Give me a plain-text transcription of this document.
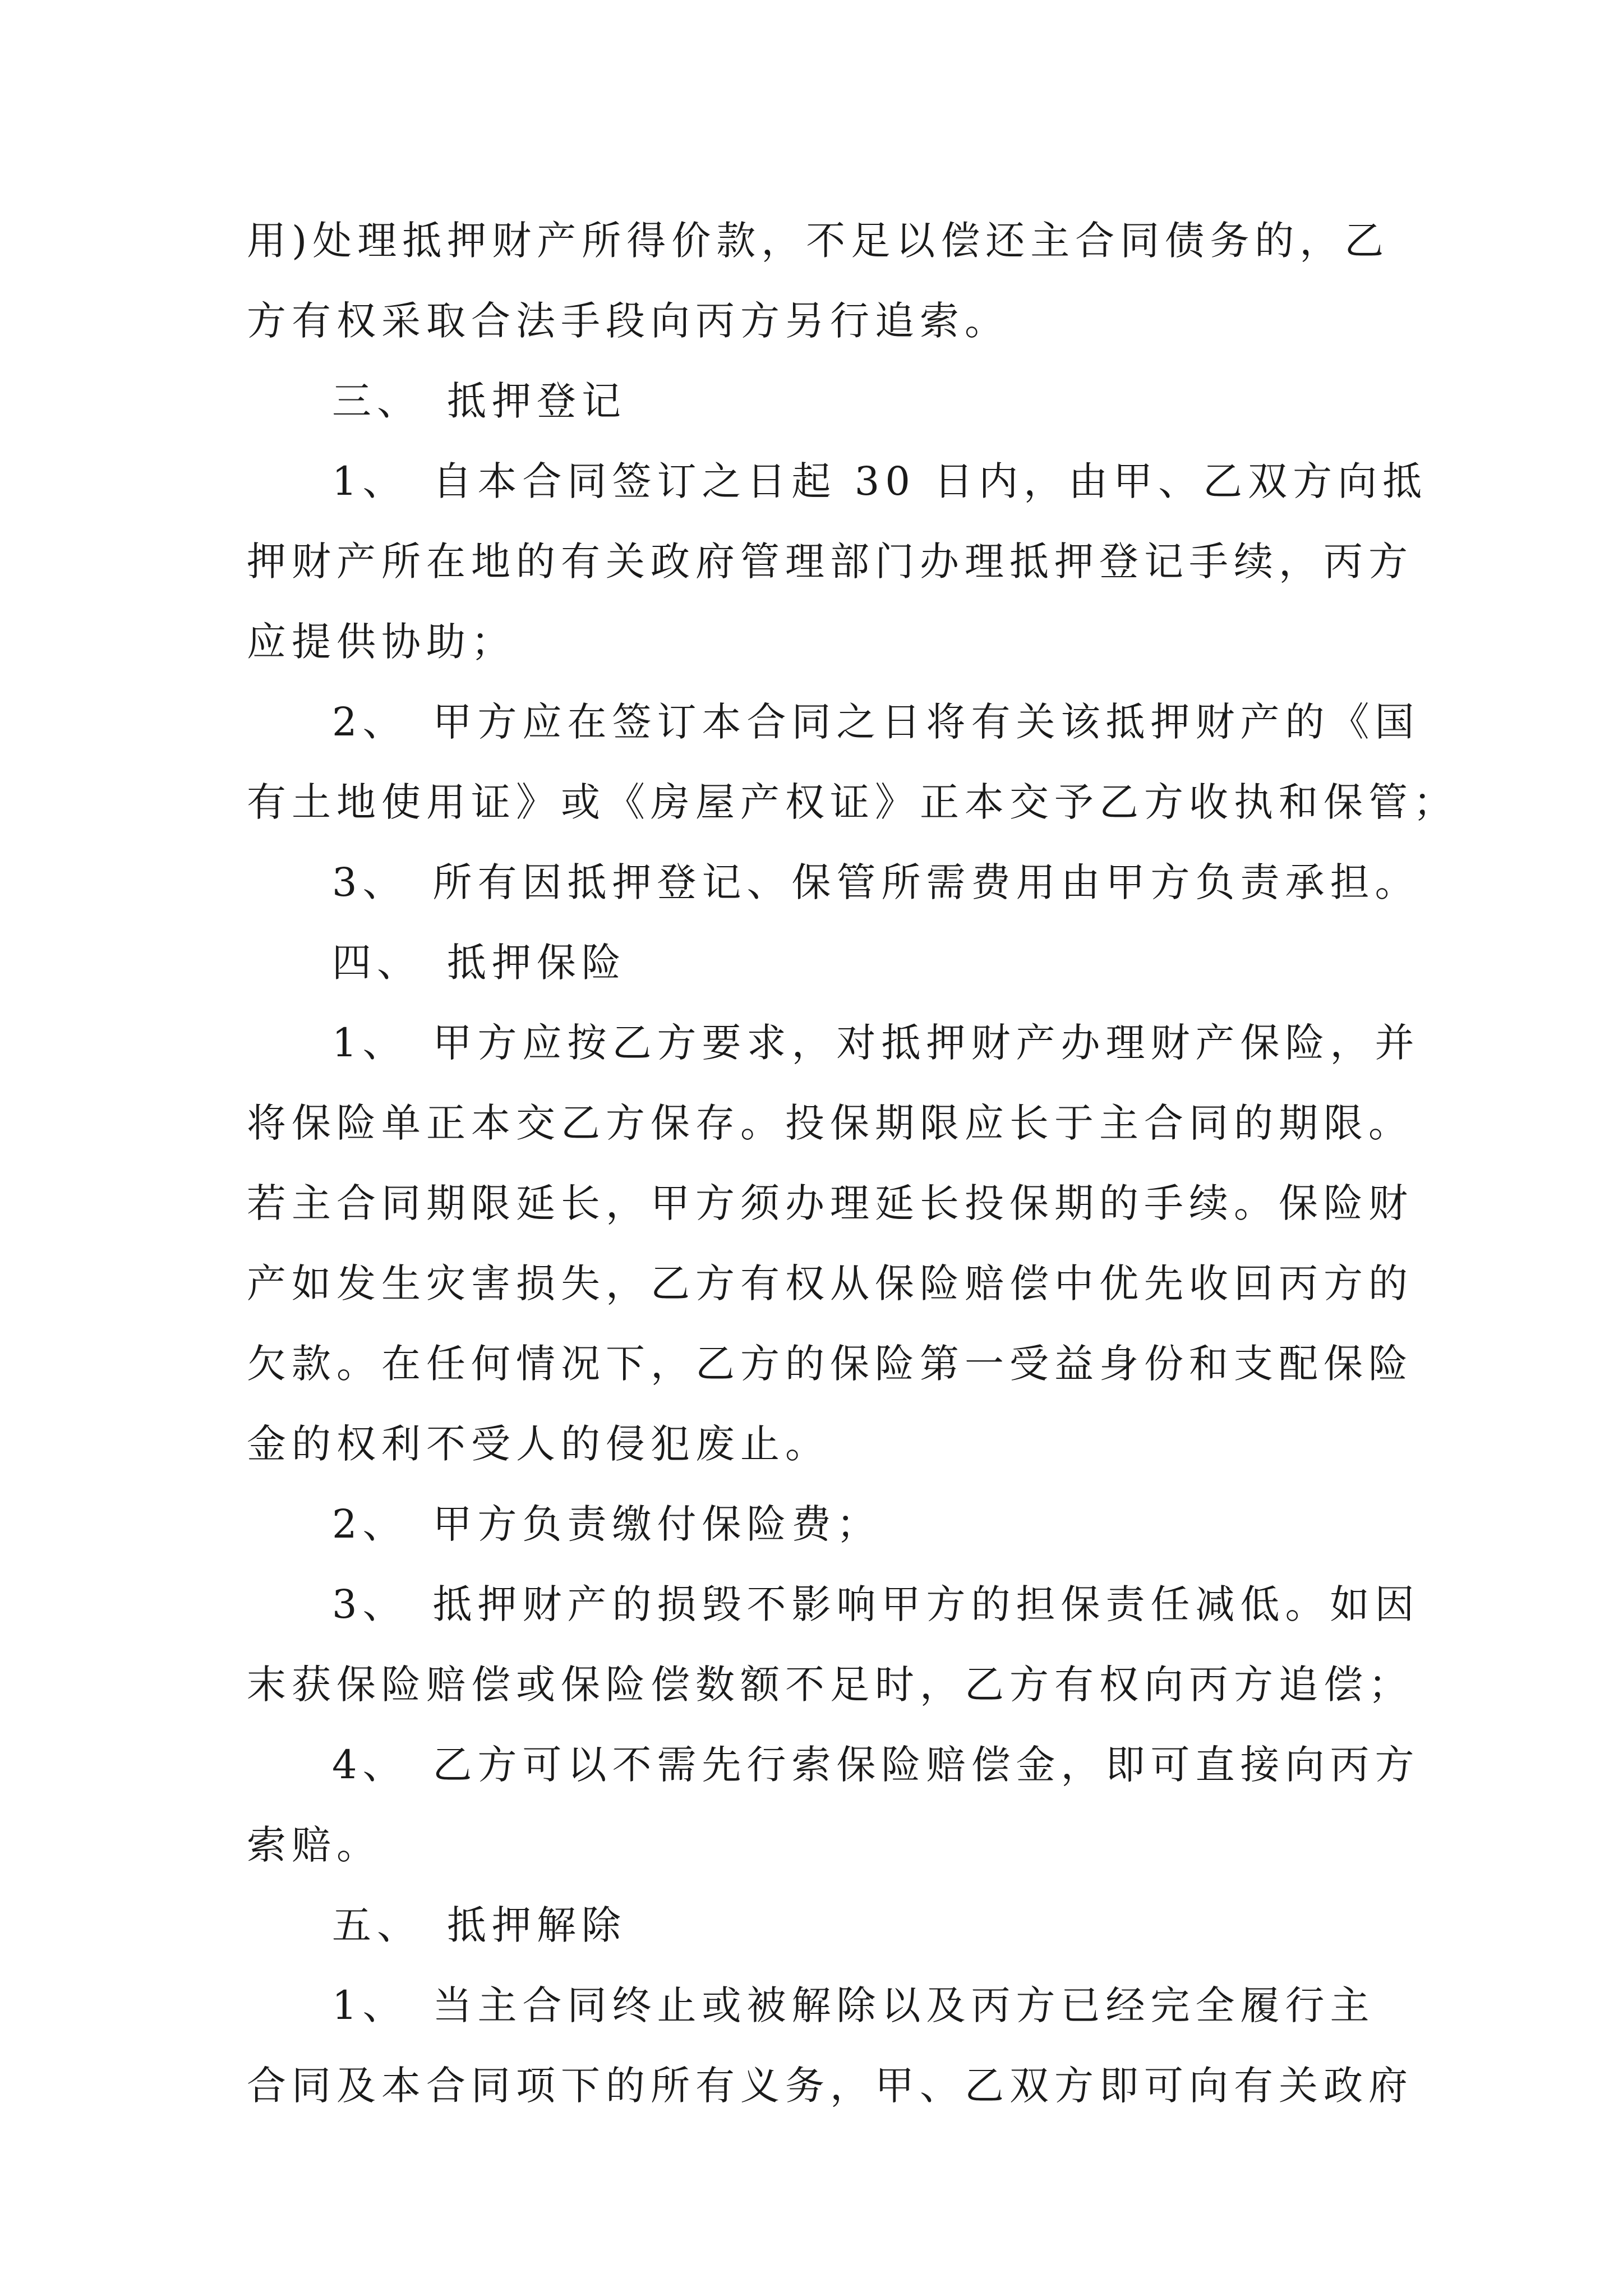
用)处理抵押财产所得价款，不足以偿还主合同债务的，乙
方有权采取合法手段向丙方另行追索。
三、　抵押登记
1、　自本合同签订之日起 30 日内，由甲、乙双方向抵
押财产所在地的有关政府管理部门办理抵押登记手续，丙方
应提供协助；
2、　甲方应在签订本合同之日将有关该抵押财产的《国
有土地使用证》或《房屋产权证》正本交予乙方收执和保管；
3、　所有因抵押登记、保管所需费用由甲方负责承担。
四、　抵押保险
1、　甲方应按乙方要求，对抵押财产办理财产保险，并
将保险单正本交乙方保存。投保期限应长于主合同的期限。
若主合同期限延长，甲方须办理延长投保期的手续。保险财
产如发生灾害损失，乙方有权从保险赔偿中优先收回丙方的
欠款。在任何情况下，乙方的保险第一受益身份和支配保险
金的权利不受人的侵犯废止。
2、　甲方负责缴付保险费；
3、　抵押财产的损毁不影响甲方的担保责任减低。如因
末获保险赔偿或保险偿数额不足时，乙方有权向丙方追偿；
4、　乙方可以不需先行索保险赔偿金，即可直接向丙方
索赔。
五、　抵押解除
1、　当主合同终止或被解除以及丙方已经完全履行主
合同及本合同项下的所有义务，甲、乙双方即可向有关政府
